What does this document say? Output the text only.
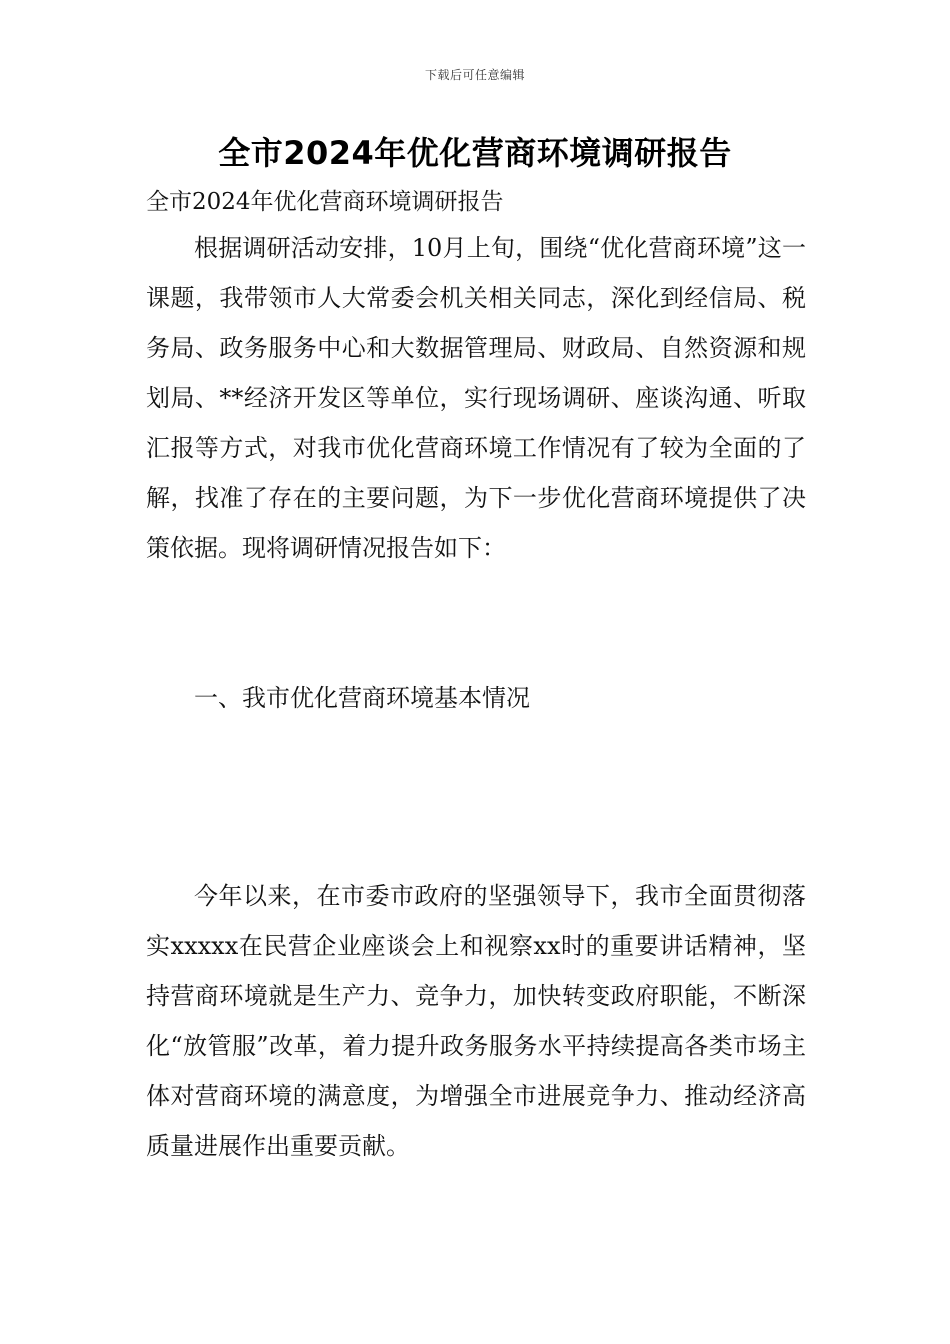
下载后可任意编辑
全市2024年优化营商环境调研报告
全市2024年优化营商环境调研报告

根据调研活动安排，10月上旬，围绕“优化营商环境”这一课题，我带领市人大常委会机关相关同志，深化到经信局、税务局、政务服务中心和大数据管理局、财政局、自然资源和规划局、**经济开发区等单位，实行现场调研、座谈沟通、听取汇报等方式，对我市优化营商环境工作情况有了较为全面的了解，找准了存在的主要问题，为下一步优化营商环境提供了决策依据。现将调研情况报告如下：

一、我市优化营商环境基本情况

今年以来，在市委市政府的坚强领导下，我市全面贯彻落实xxxxx在民营企业座谈会上和视察xx时的重要讲话精神，坚持营商环境就是生产力、竞争力，加快转变政府职能，不断深化“放管服”改革，着力提升政务服务水平持续提高各类市场主体对营商环境的满意度，为增强全市进展竞争力、推动经济高质量进展作出重要贡献。
